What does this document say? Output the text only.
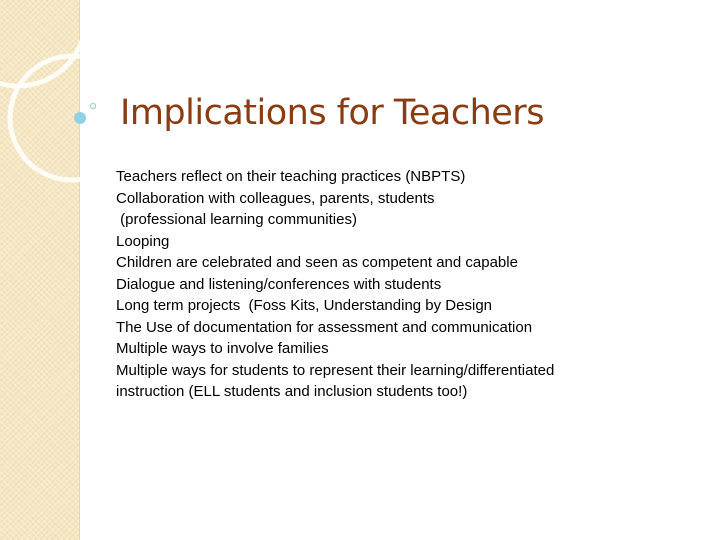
Implications for Teachers
Teachers reflect on their teaching practices (NBPTS)
Collaboration with colleagues, parents, students
(professional learning communities)
Looping
Children are celebrated and seen as competent and capable
Dialogue and listening/conferences with students
Long term projects  (Foss Kits, Understanding by Design
The Use of documentation for assessment and communication
Multiple ways to involve families
Multiple ways for students to represent their learning/differentiated
instruction (ELL students and inclusion students too!)
